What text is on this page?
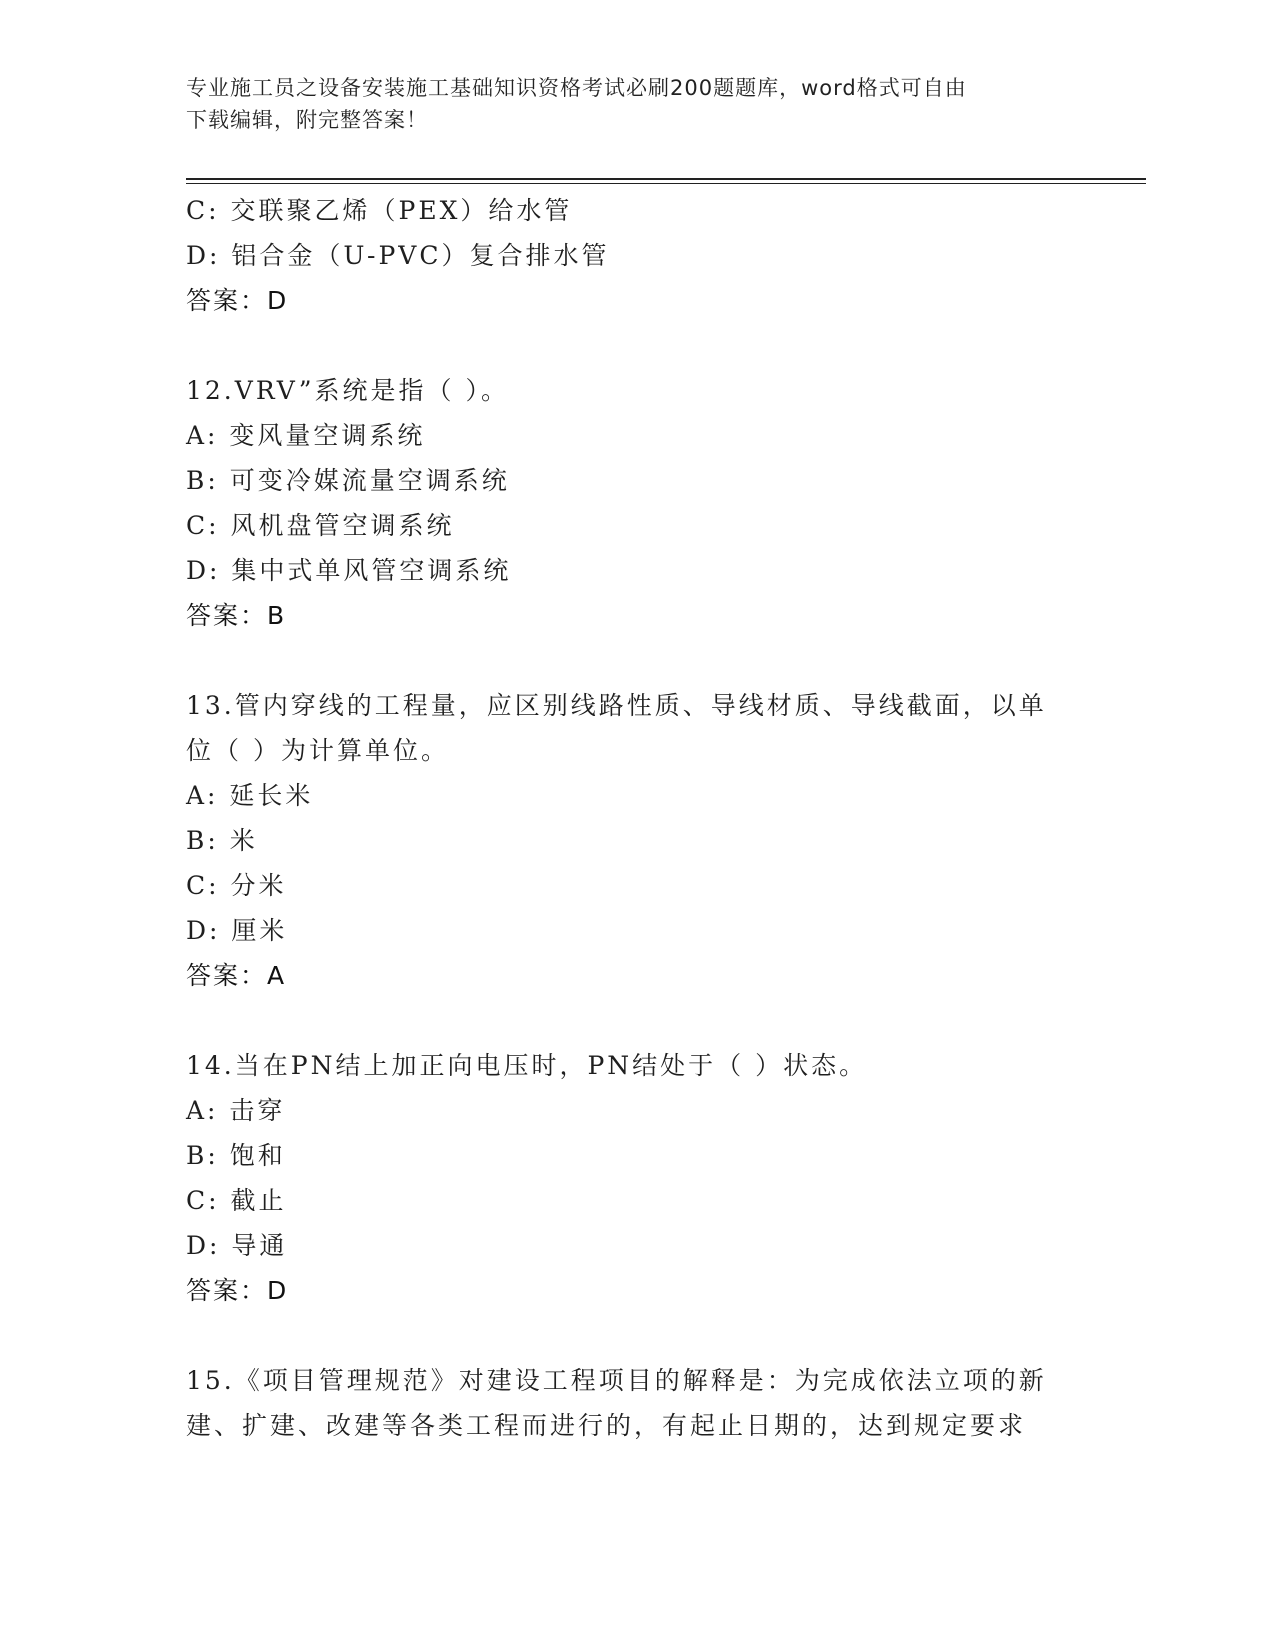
专业施工员之设备安装施工基础知识资格考试必刷200题题库，word格式可自由
下载编辑，附完整答案！
C: 交联聚乙烯（PEX）给水管
D: 铝合金（U-PVC）复合排水管
答案：D
12.VRV”系统是指（ ）。
A: 变风量空调系统
B: 可变冷媒流量空调系统
C: 风机盘管空调系统
D: 集中式单风管空调系统
答案：B
13.管内穿线的工程量，应区别线路性质、导线材质、导线截面，以单
位（ ）为计算单位。
A: 延长米
B: 米
C: 分米
D: 厘米
答案：A
14.当在PN结上加正向电压时，PN结处于（ ）状态。
A: 击穿
B: 饱和
C: 截止
D: 导通
答案：D
15.《项目管理规范》对建设工程项目的解释是：为完成依法立项的新
建、扩建、改建等各类工程而进行的，有起止日期的，达到规定要求
